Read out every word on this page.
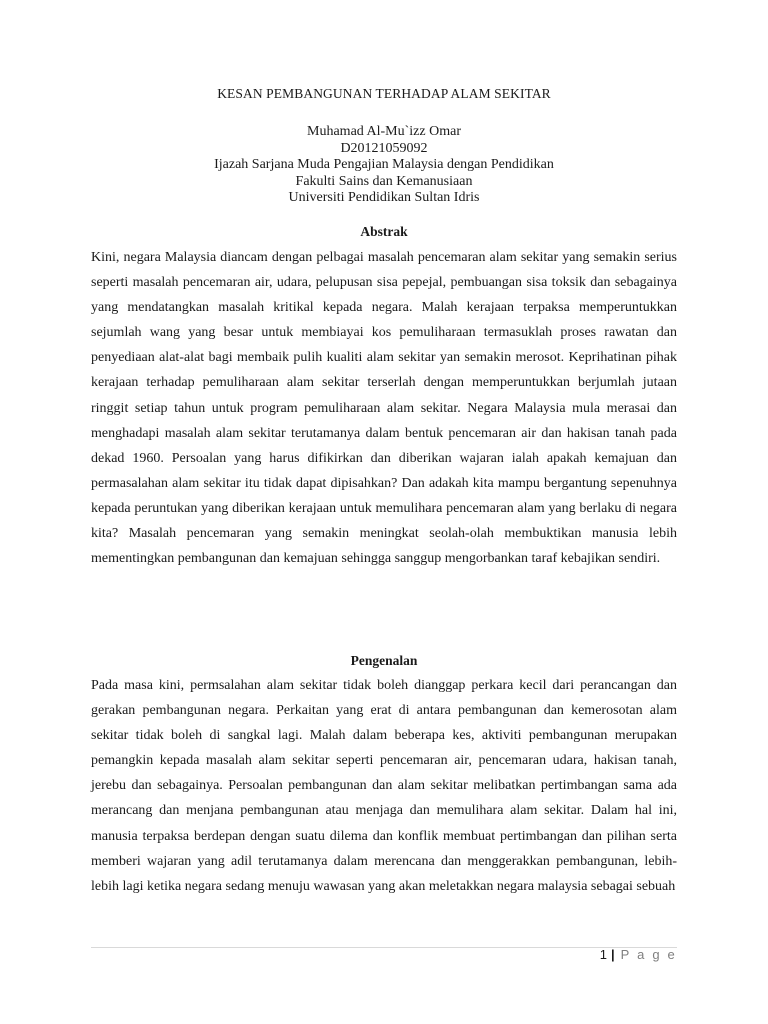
KESAN PEMBANGUNAN TERHADAP ALAM SEKITAR
Muhamad Al-Mu`izz Omar
D20121059092
Ijazah Sarjana Muda Pengajian Malaysia dengan Pendidikan
Fakulti Sains dan Kemanusiaan
Universiti Pendidikan Sultan Idris
Abstrak

Kini, negara Malaysia diancam dengan pelbagai masalah pencemaran alam sekitar yang semakin serius seperti masalah pencemaran air, udara, pelupusan sisa pepejal, pembuangan sisa toksik dan sebagainya yang mendatangkan masalah kritikal kepada negara. Malah kerajaan terpaksa memperuntukkan sejumlah wang yang besar untuk membiayai kos pemuliharaan termasuklah proses rawatan dan penyediaan alat-alat bagi membaik pulih kualiti alam sekitar yan semakin merosot. Keprihatinan pihak kerajaan terhadap pemuliharaan alam sekitar terserlah dengan memperuntukkan berjumlah jutaan ringgit setiap tahun untuk program pemuliharaan alam sekitar. Negara Malaysia mula merasai dan menghadapi masalah alam sekitar terutamanya dalam bentuk pencemaran air dan hakisan tanah pada dekad 1960. Persoalan yang harus difikirkan dan diberikan wajaran ialah apakah kemajuan dan permasalahan alam sekitar itu tidak dapat dipisahkan? Dan adakah kita mampu bergantung sepenuhnya kepada peruntukan yang diberikan kerajaan untuk memulihara pencemaran alam yang berlaku di negara kita? Masalah pencemaran yang semakin meningkat seolah-olah membuktikan manusia lebih mementingkan pembangunan dan kemajuan sehingga sanggup mengorbankan taraf kebajikan sendiri.

Pengenalan

Pada masa kini, permsalahan alam sekitar tidak boleh dianggap perkara kecil dari perancangan dan gerakan pembangunan negara. Perkaitan yang erat di antara pembangunan dan kemerosotan alam sekitar tidak boleh di sangkal lagi. Malah dalam beberapa kes, aktiviti pembangunan merupakan pemangkin kepada masalah alam sekitar seperti pencemaran air, pencemaran udara, hakisan tanah, jerebu dan sebagainya. Persoalan pembangunan dan alam sekitar melibatkan pertimbangan sama ada merancang dan menjana pembangunan atau menjaga dan memulihara alam sekitar. Dalam hal ini, manusia terpaksa berdepan dengan suatu dilema dan konflik membuat pertimbangan dan pilihan serta memberi wajaran yang adil terutamanya dalam merencana dan menggerakkan pembangunan, lebih-lebih lagi ketika negara sedang menuju wawasan yang akan meletakkan negara malaysia sebagai sebuah

1 | P a g e
